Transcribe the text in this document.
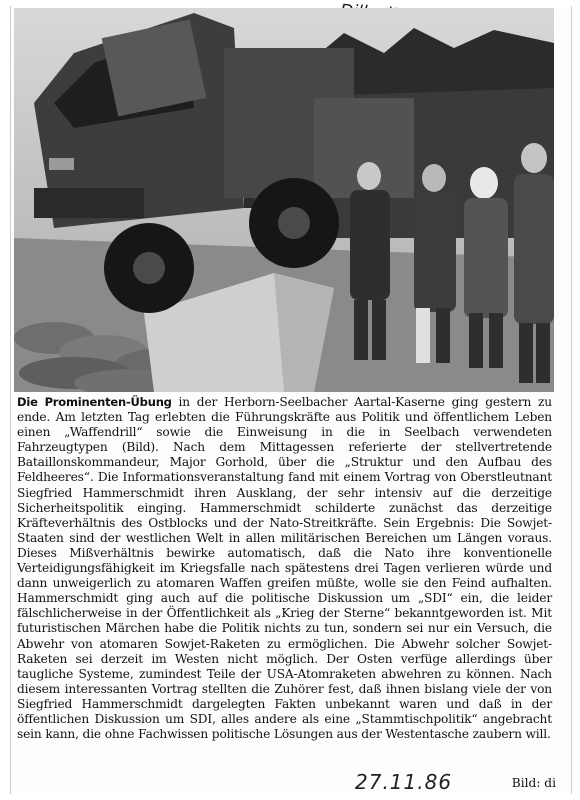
Die Prominenten-Übung in der Herborn-Seelbacher Aartal-Kaserne ging gestern zu ende. Am letzten Tag erlebten die Führungskräfte aus Politik und öffentlichem Leben einen „Waffendrill“ sowie die Einweisung in die in Seelbach verwendeten Fahrzeugtypen (Bild). Nach dem Mittagessen referierte der stellvertretende Bataillonskommandeur, Major Gorhold, über die „Struktur und den Aufbau des Feldheeres“. Die Informationsveranstaltung fand mit einem Vortrag von Oberstleutnant Siegfried Hammerschmidt ihren Ausklang, der sehr intensiv auf die derzeitige Sicherheitspolitik einging. Hammerschmidt schilderte zunächst das derzeitige Kräfteverhältnis des Ostblocks und der Nato-Streitkräfte. Sein Ergebnis: Die Sowjet-Staaten sind der westlichen Welt in allen militärischen Bereichen um Längen voraus. Dieses Mißverhältnis bewirke automatisch, daß die Nato ihre konventionelle Verteidigungsfähigkeit im Kriegsfalle nach spätestens drei Tagen verlieren würde und dann unweigerlich zu atomaren Waffen greifen müßte, wolle sie den Feind aufhalten. Hammerschmidt ging auch auf die politische Diskussion um „SDI“ ein, die leider fälschlicherweise in der Öffentlichkeit als „Krieg der Sterne“ bekanntgeworden ist. Mit futuristischen Märchen habe die Politik nichts zu tun, sondern sei nur ein Versuch, die Abwehr von atomaren Sowjet-Raketen zu ermöglichen. Die Abwehr solcher Sowjet-Raketen sei derzeit im Westen nicht möglich. Der Osten verfüge allerdings über taugliche Systeme, zumindest Teile der USA-Atomraketen abwehren zu können. Nach diesem interessanten Vortrag stellten die Zuhörer fest, daß ihnen bislang viele der von Siegfried Hammerschmidt dargelegten Fakten unbekannt waren und daß in der öffentlichen Diskussion um SDI, alles andere als eine „Stammtischpolitik“ angebracht sein kann, die ohne Fachwissen politische Lösungen aus der Westentasche zaubern will.
27.11.86	Bild: di
